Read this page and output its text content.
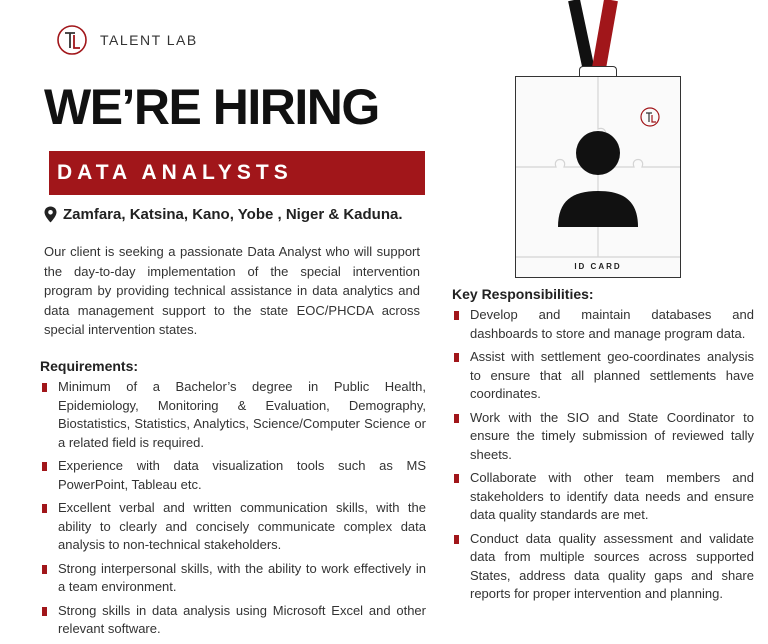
TALENT LAB
WE’RE HIRING
DATA ANALYSTS
Zamfara, Katsina, Kano, Yobe , Niger & Kaduna.

Our client is seeking a passionate Data Analyst who will support the day-to-day implementation of the special intervention program by providing technical assistance in data analytics and data management support to the state EOC/PHCDA across special intervention states.

Requirements:
Minimum of a Bachelor’s degree in Public Health, Epidemiology, Monitoring & Evaluation, Demography, Biostatistics, Statistics, Analytics, Science/Computer Science or a related field is required.
Experience with data visualization tools such as MS PowerPoint, Tableau etc.
Excellent verbal and written communication skills, with the ability to clearly and concisely communicate complex data analysis to non-technical stakeholders.
Strong interpersonal skills, with the ability to work effectively in a team environment.
Strong skills in data analysis using Microsoft Excel and other relevant software.
ID CARD
Key Responsibilities:
Develop and maintain databases and dashboards to store and manage program data.
Assist with settlement geo-coordinates analysis to ensure that all planned settlements have coordinates.
Work with the SIO and State Coordinator to ensure the timely submission of reviewed tally sheets.
Collaborate with other team members and stakeholders to identify data needs and ensure data quality standards are met.
Conduct data quality assessment and validate data from multiple sources across supported States, address data quality gaps and share reports for proper intervention and planning.
